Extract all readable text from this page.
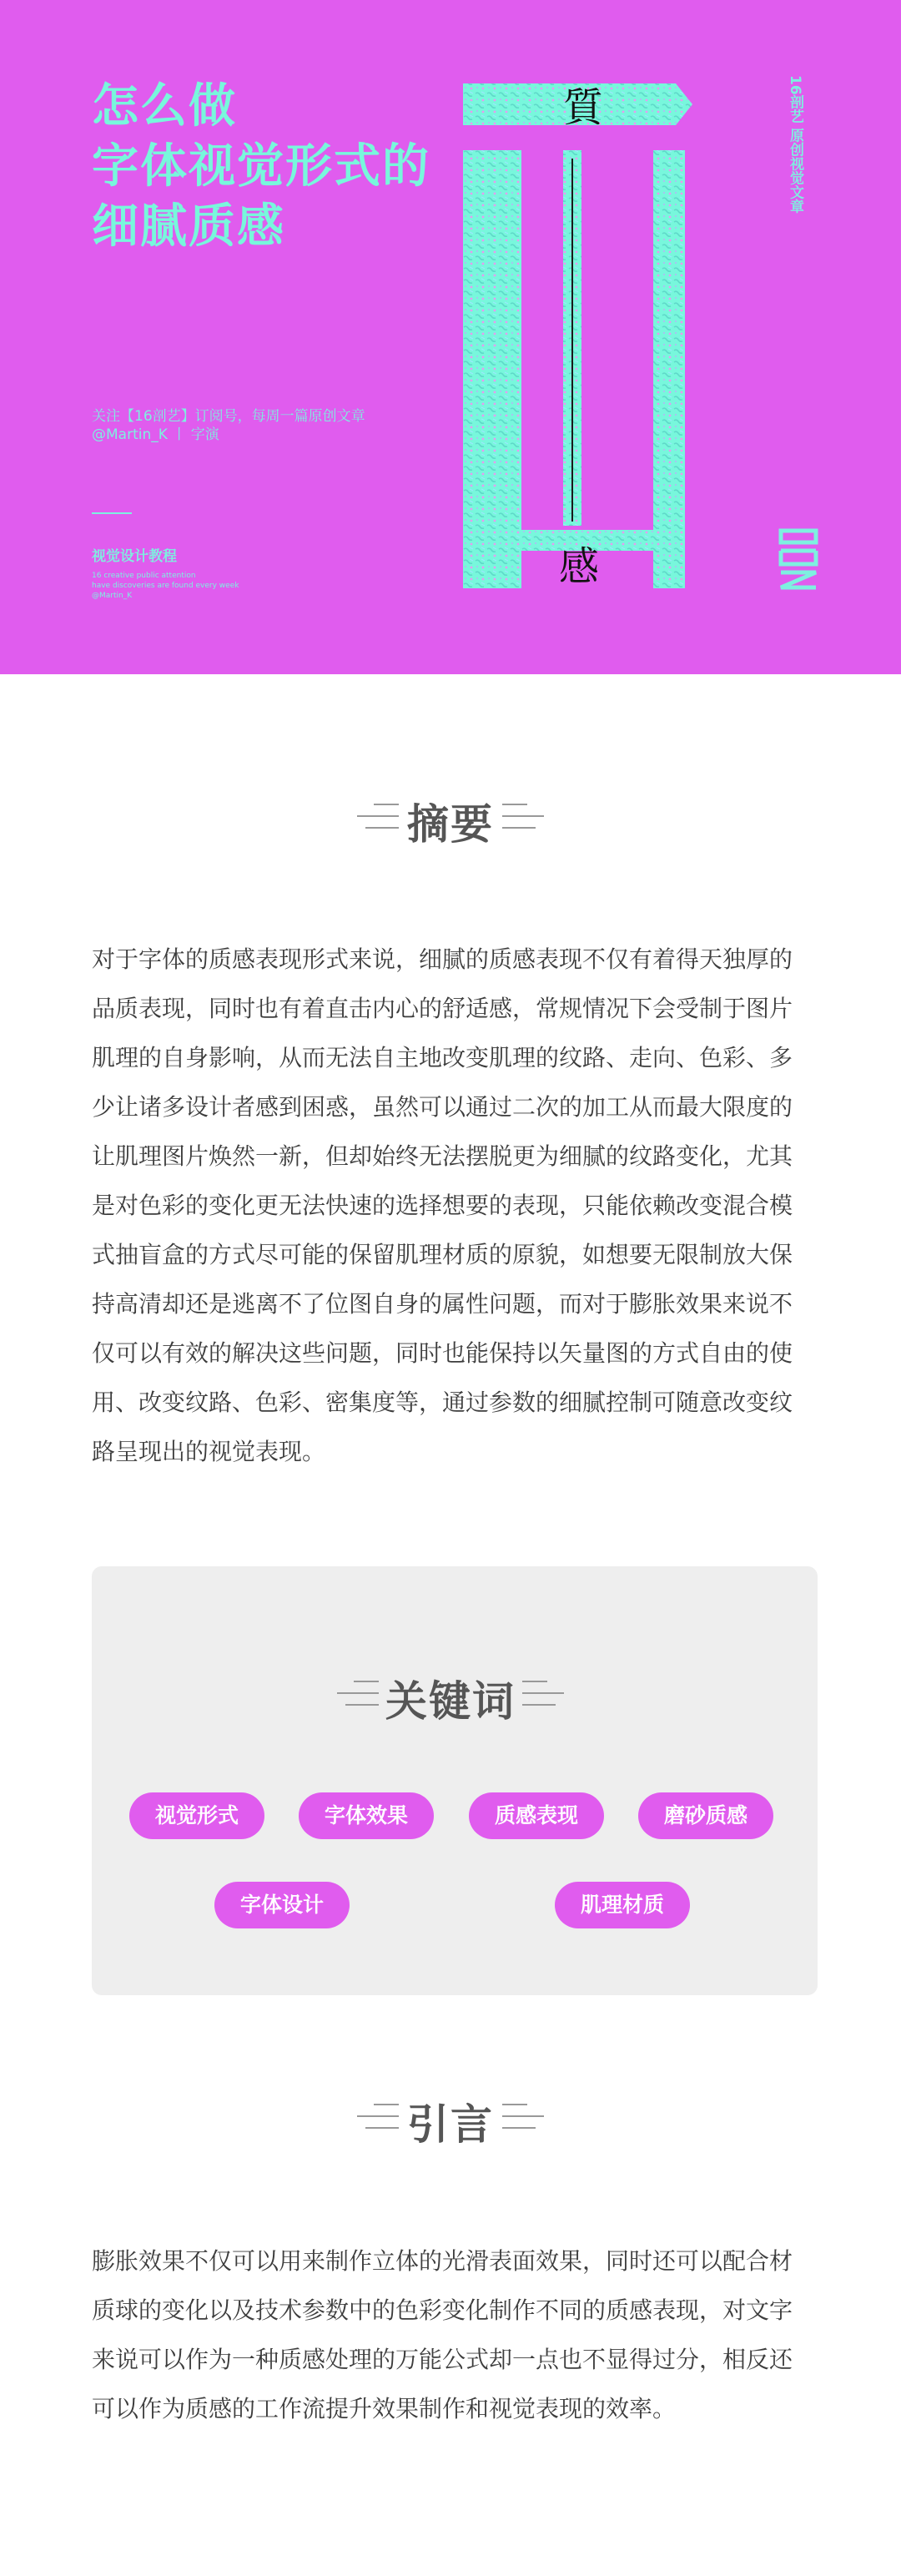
怎么做
字体视觉形式的
细腻质感
关注【16剖艺】订阅号，每周一篇原创文章
@Martin_K 丨 字演
视觉设计教程
16 creative public attention
have discoveries are found every week
@Martin_K
質
感
16剖艺 原创视觉文章
摘要

对于字体的质感表现形式来说，细腻的质感表现不仅有着得天独厚的品质表现，同时也有着直击内心的舒适感，常规情况下会受制于图片肌理的自身影响，从而无法自主地改变肌理的纹路、走向、色彩、多少让诸多设计者感到困惑，虽然可以通过二次的加工从而最大限度的让肌理图片焕然一新，但却始终无法摆脱更为细腻的纹路变化，尤其是对色彩的变化更无法快速的选择想要的表现，只能依赖改变混合模式抽盲盒的方式尽可能的保留肌理材质的原貌，如想要无限制放大保持高清却还是逃离不了位图自身的属性问题，而对于膨胀效果来说不仅可以有效的解决这些问题，同时也能保持以矢量图的方式自由的使用、改变纹路、色彩、密集度等，通过参数的细腻控制可随意改变纹路呈现出的视觉表现。

关键词
视觉形式	字体效果	质感表现	磨砂质感
字体设计	肌理材质
引言

膨胀效果不仅可以用来制作立体的光滑表面效果，同时还可以配合材质球的变化以及技术参数中的色彩变化制作不同的质感表现，对文字来说可以作为一种质感处理的万能公式却一点也不显得过分，相反还可以作为质感的工作流提升效果制作和视觉表现的效率。
